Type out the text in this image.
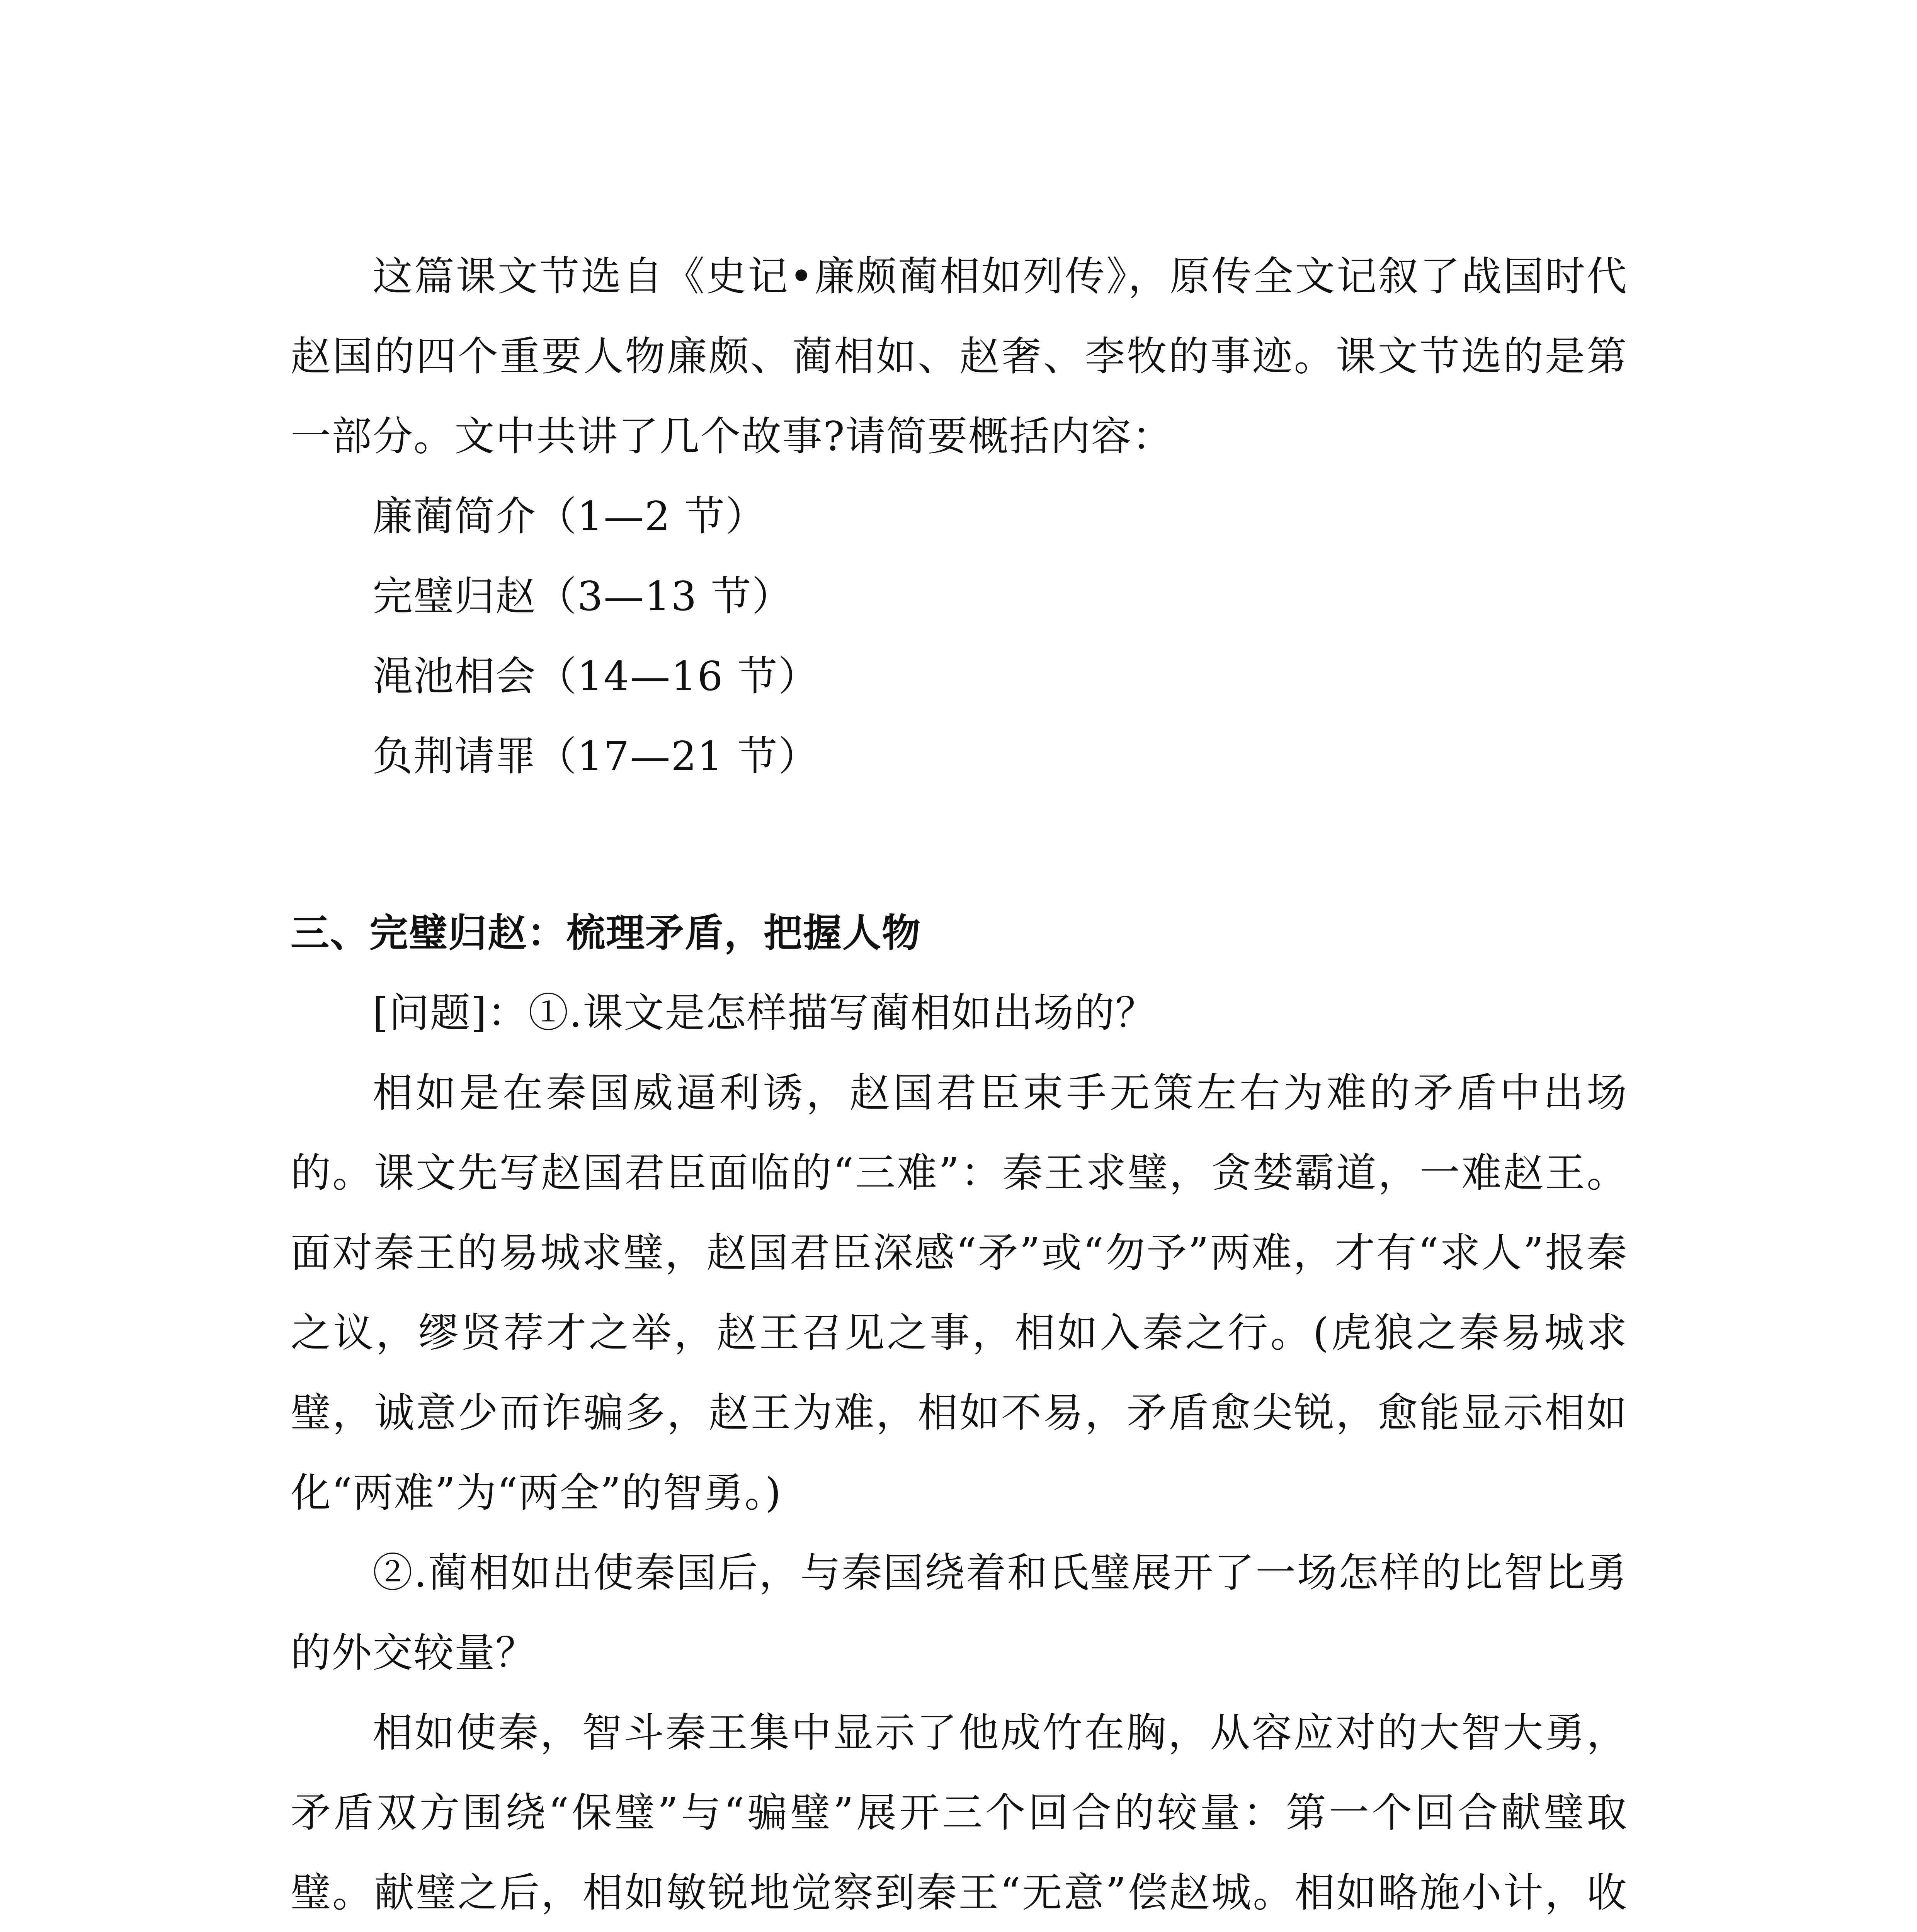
这篇课文节选自《史记•廉颇蔺相如列传》，原传全文记叙了战国时代赵国的四个重要人物廉颇、蔺相如、赵奢、李牧的事迹。课文节选的是第一部分。文中共讲了几个故事?请简要概括内容：

廉蔺简介（1—2 节）

完璧归赵（3—13 节）

渑池相会（14—16 节）

负荆请罪（17—21 节）

三、完璧归赵：梳理矛盾，把握人物

[问题]：①.课文是怎样描写蔺相如出场的？

相如是在秦国威逼利诱，赵国君臣束手无策左右为难的矛盾中出场的。课文先写赵国君臣面临的“三难”：秦王求璧，贪婪霸道，一难赵王。面对秦王的易城求璧，赵国君臣深感“矛”或“勿予”两难，才有“求人”报秦之议，缪贤荐才之举，赵王召见之事，相如入秦之行。(虎狼之秦易城求璧，诚意少而诈骗多，赵王为难，相如不易，矛盾愈尖锐，愈能显示相如化“两难”为“两全”的智勇。)

②.蔺相如出使秦国后，与秦国绕着和氏璧展开了一场怎样的比智比勇的外交较量？

相如使秦，智斗秦王集中显示了他成竹在胸，从容应对的大智大勇，矛盾双方围绕“保璧”与“骗璧”展开三个回合的较量：第一个回合献璧取璧。献璧之后，相如敏锐地觉察到秦王“无意”偿赵城。相如略施小计，收
